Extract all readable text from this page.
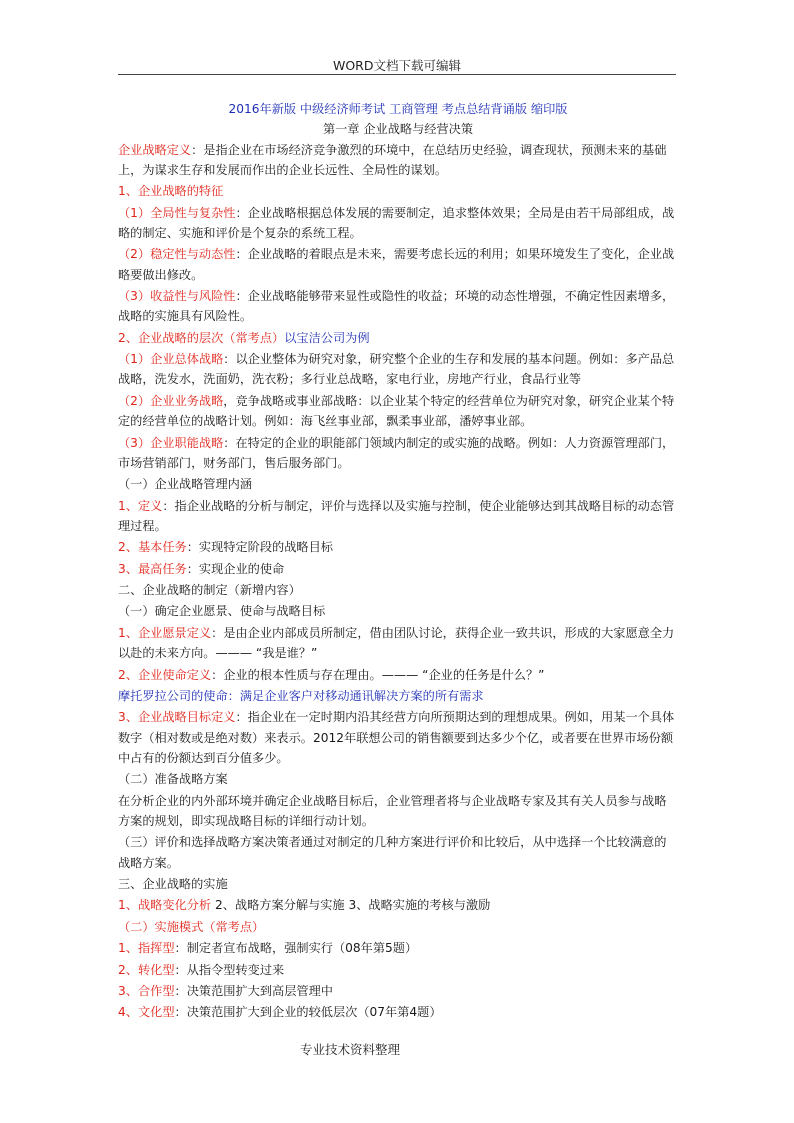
WORD文档下载可编辑

2016年新版 中级经济师考试 工商管理 考点总结背诵版 缩印版

第一章 企业战略与经营决策

企业战略定义：是指企业在市场经济竞争激烈的环境中，在总结历史经验，调查现状，预测未来的基础上，为谋求生存和发展而作出的企业长远性、全局性的谋划。

1、企业战略的特征

（1）全局性与复杂性：企业战略根据总体发展的需要制定，追求整体效果；全局是由若干局部组成，战略的制定、实施和评价是个复杂的系统工程。

（2）稳定性与动态性：企业战略的着眼点是未来，需要考虑长远的利用；如果环境发生了变化，企业战略要做出修改。

（3）收益性与风险性：企业战略能够带来显性或隐性的收益；环境的动态性增强，不确定性因素增多，战略的实施具有风险性。

2、企业战略的层次（常考点）以宝洁公司为例

（1）企业总体战略：以企业整体为研究对象，研究整个企业的生存和发展的基本问题。例如：多产品总战略，洗发水，洗面奶，洗衣粉；多行业总战略，家电行业，房地产行业，食品行业等

（2）企业业务战略，竞争战略或事业部战略：以企业某个特定的经营单位为研究对象，研究企业某个特定的经营单位的战略计划。例如：海飞丝事业部，飘柔事业部，潘婷事业部。

（3）企业职能战略：在特定的企业的职能部门领域内制定的或实施的战略。例如：人力资源管理部门，市场营销部门，财务部门，售后服务部门。

（一）企业战略管理内涵

1、定义：指企业战略的分析与制定，评价与选择以及实施与控制，使企业能够达到其战略目标的动态管理过程。

2、基本任务：实现特定阶段的战略目标

3、最高任务：实现企业的使命

二、企业战略的制定（新增内容）

（一）确定企业愿景、使命与战略目标

1、企业愿景定义：是由企业内部成员所制定，借由团队讨论，获得企业一致共识，形成的大家愿意全力以赴的未来方向。——— “我是谁？”

2、企业使命定义：企业的根本性质与存在理由。——— “企业的任务是什么？”

摩托罗拉公司的使命：满足企业客户对移动通讯解决方案的所有需求

3、企业战略目标定义：指企业在一定时期内沿其经营方向所预期达到的理想成果。例如，用某一个具体数字（相对数或是绝对数）来表示。2012年联想公司的销售额要到达多少个亿，或者要在世界市场份额中占有的份额达到百分值多少。

（二）准备战略方案

在分析企业的内外部环境并确定企业战略目标后，企业管理者将与企业战略专家及其有关人员参与战略方案的规划，即实现战略目标的详细行动计划。

（三）评价和选择战略方案决策者通过对制定的几种方案进行评价和比较后，从中选择一个比较满意的战略方案。

三、企业战略的实施

1、战略变化分析 2、战略方案分解与实施 3、战略实施的考核与激励

（二）实施模式（常考点）

1、指挥型：制定者宣布战略，强制实行（08年第5题）

2、转化型：从指令型转变过来

3、合作型：决策范围扩大到高层管理中

4、文化型：决策范围扩大到企业的较低层次（07年第4题）

专业技术资料整理
